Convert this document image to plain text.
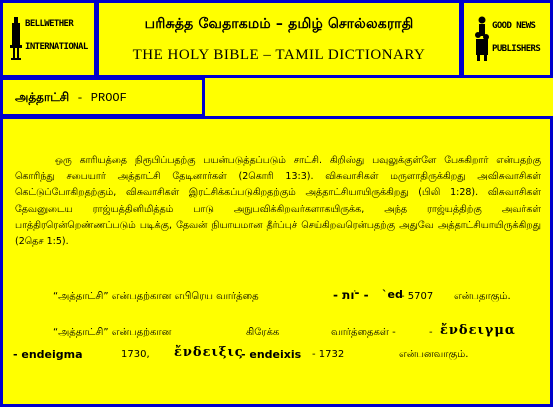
BELLWETHER
INTERNATIONAL
பரிசுத்த வேதாகமம் – தமிழ் சொல்லகராதி
THE HOLY BIBLE – TAMIL DICTIONARY
GOOD NEWS
PUBLISHERS
அத்தாட்சி - PROOF

ஒரு காரியத்தை நிரூபிப்பதற்கு பயன்படுத்தப்படும் சாட்சி. கிறிஸ்து பவுலுக்குள்ளே பேசுகிறார் என்பதற்கு கொரிந்து சபையார் அத்தாட்சி தேடினார்கள் (2கொரி 13:3). விசுவாசிகள் மருளாதிருக்கிறது அவிசுவாசிகள் கெட்டுப்போகிறதற்கும், விசுவாசிகள் இரட்சிக்கப்படுகிறதற்கும் அத்தாட்சியாயிருக்கிறது (பிலி 1:28). விசுவாசிகள் தேவனுடைய ராஜ்யத்தினிமித்தம் பாடு அநுபவிக்கிறவர்களாகயிருக்க, அந்த ராஜ்யத்திற்கு அவர்கள் பாத்திரரென்றெண்ணப்படும் படிக்கு, தேவன் நியாயமான தீர்ப்புச் செய்கிறவரென்பதற்கு அதுவே அத்தாட்சியாயிருக்கிறது (2தெச 1:5).

“அத்தாட்சி” என்பதற்கான எபிரெய வார்த்தை	- ־ֹות - `ed
- 5707 என்பதாகும்.
“அத்தாட்சி” என்பதற்கான	கிரேக்க	வார்த்தைகள் -	- ἔνδειγμα
- endeigma	1730, ἔνδειξις
- endeixis - 1732	என்பனவாகும்.
